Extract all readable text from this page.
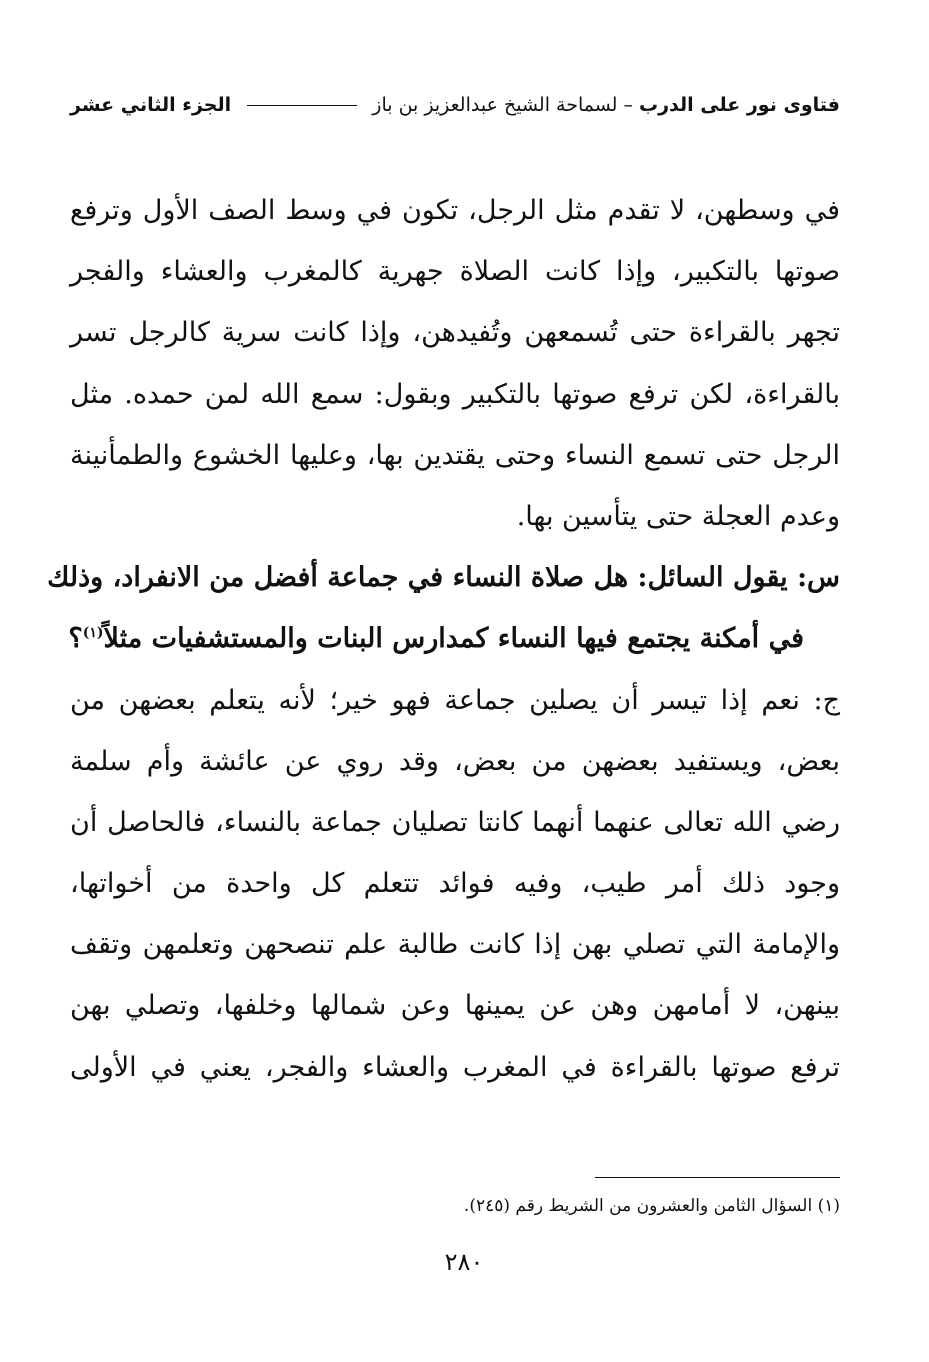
فتاوى نور على الدرب
– لسماحة الشيخ عبدالعزيز بن باز
الجزء الثاني عشر
في وسطهن، لا تقدم مثل الرجل، تكون في وسط الصف الأول وترفع
صوتها بالتكبير، وإذا كانت الصلاة جهرية كالمغرب والعشاء والفجر
تجهر بالقراءة حتى تُسمعهن وتُفيدهن، وإذا كانت سرية كالرجل تسر
بالقراءة، لكن ترفع صوتها بالتكبير وبقول: سمع الله لمن حمده. مثل
الرجل حتى تسمع النساء وحتى يقتدين بها، وعليها الخشوع والطمأنينة
وعدم العجلة حتى يتأسين بها.
س: يقول السائل: هل صلاة النساء في جماعة أفضل من الانفراد، وذلك
في أمكنة يجتمع فيها النساء كمدارس البنات والمستشفيات مثلاً$^{(١)}$؟
ج: نعم إذا تيسر أن يصلين جماعة فهو خير؛ لأنه يتعلم بعضهن من
بعض، ويستفيد بعضهن من بعض، وقد روي عن عائشة وأم سلمة
رضي الله تعالى عنهما أنهما كانتا تصليان جماعة بالنساء، فالحاصل أن
وجود ذلك أمر طيب، وفيه فوائد تتعلم كل واحدة من أخواتها،
والإمامة التي تصلي بهن إذا كانت طالبة علم تنصحهن وتعلمهن وتقف
بينهن، لا أمامهن وهن عن يمينها وعن شمالها وخلفها، وتصلي بهن
ترفع صوتها بالقراءة في المغرب والعشاء والفجر، يعني في الأولى
(١) السؤال الثامن والعشرون من الشريط رقم (٢٤٥).
٢٨٠
